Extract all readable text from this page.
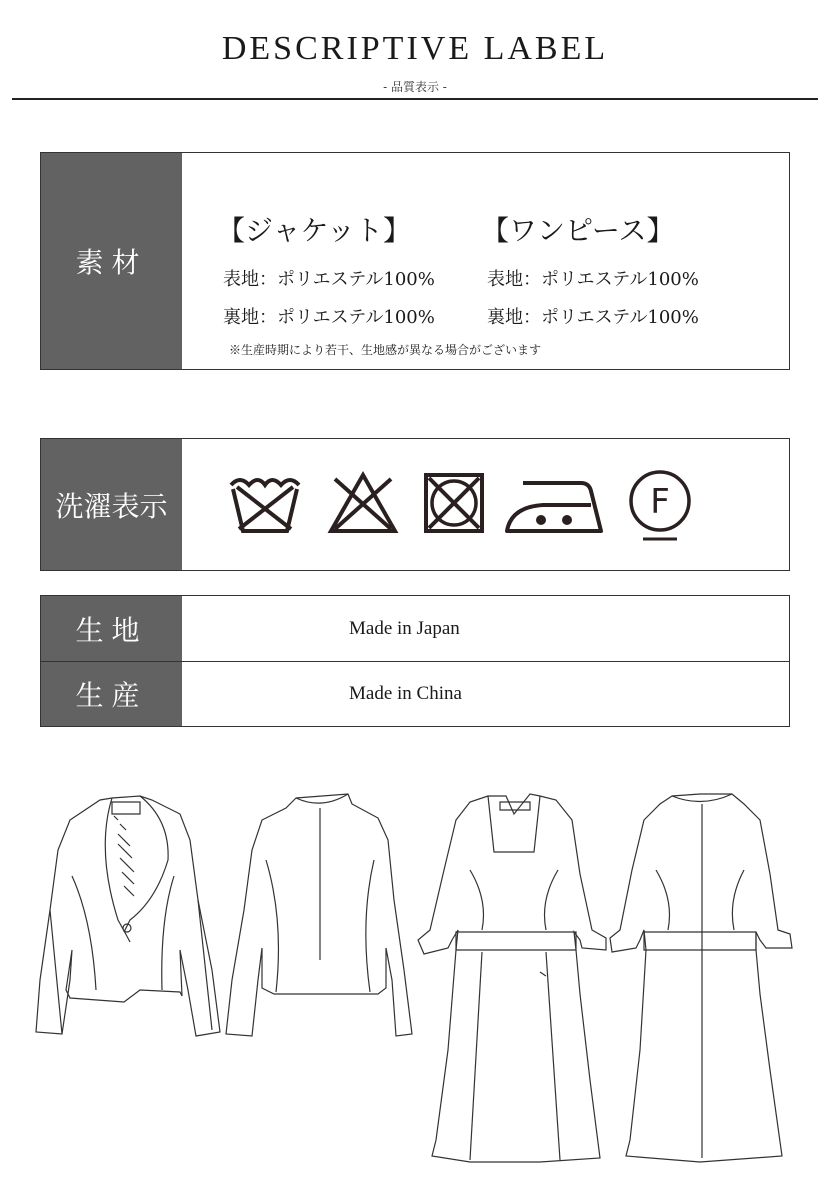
DESCRIPTIVE LABEL
- 品質表示 -
素材
【ジャケット】
表地：ポリエステル100%
裏地：ポリエステル100%
【ワンピース】
表地：ポリエステル100%
裏地：ポリエステル100%
※生産時期により若干、生地感が異なる場合がございます
洗濯表示	F
生地	Made in Japan
生産	Made in China
